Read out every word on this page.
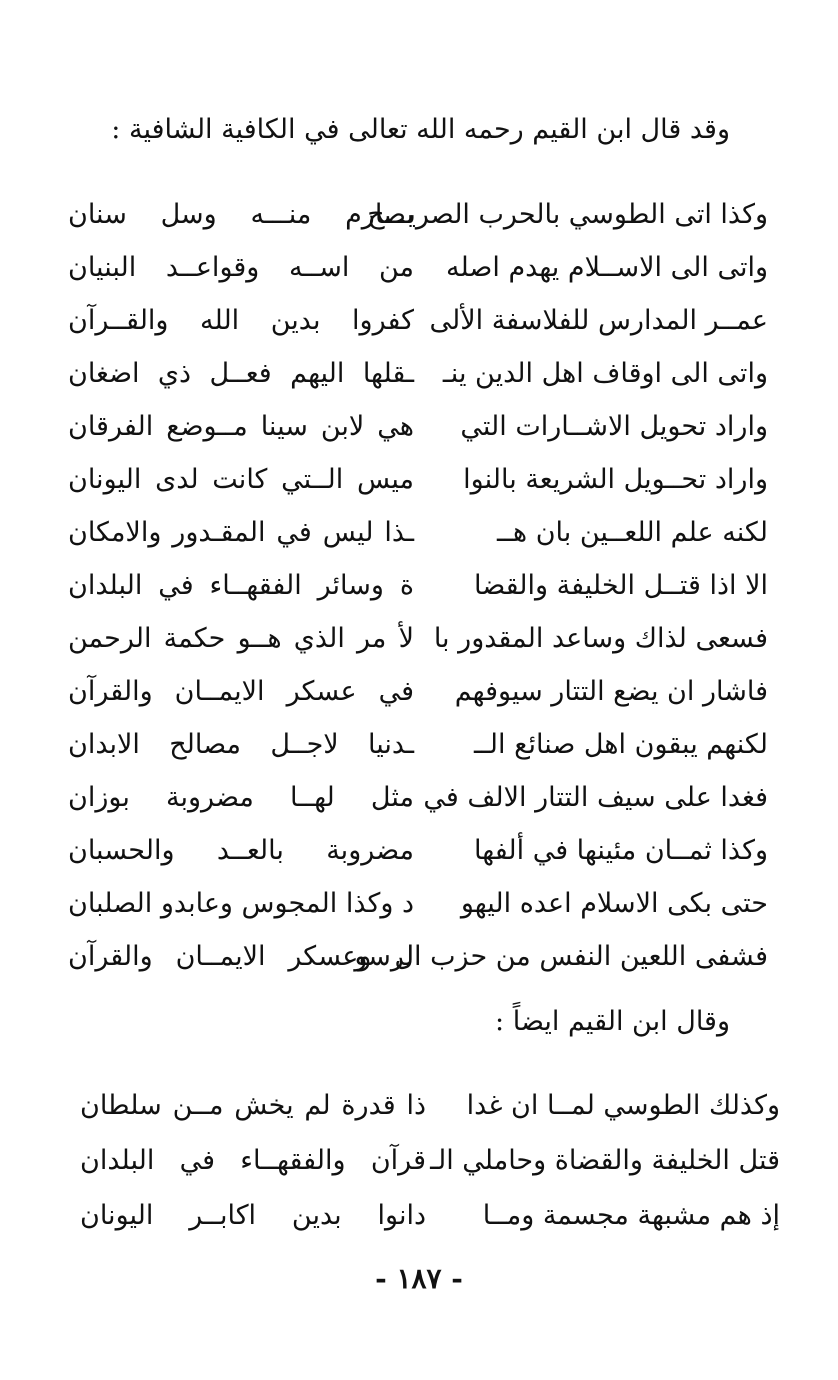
وقد قال ابن القيم رحمه الله تعالى في الكافية الشافية :
وكذا اتى الطوسي بالحرب الصريـــح
بصارم منـــه وسل سنان
واتى الى الاســلام يهدم اصله
من اســه وقواعــد البنيان
عمــر المدارس للفلاسفة الألى
كفروا بدين الله والقــرآن
واتى الى اوقاف اهل الدين ينـ
ـقلها اليهم فعــل ذي اضغان
واراد تحويل الاشــارات التي
هي لابن سينا مــوضع الفرقان
واراد تحــويل الشريعة بالنوا
ميس الــتي كانت لدى اليونان
لكنه علم اللعــين بان هــ
ـذا ليس في المقـدور والامكان
الا اذا قتــل الخليفة والقضا
ة وسائر الفقهــاء في البلدان
فسعى لذاك وساعد المقدور با
لأ مر الذي هــو حكمة الرحمن
فاشار ان يضع التتار سيوفهم
في عسكر الايمــان والقرآن
لكنهم يبقون اهل صنائع الــ
ـدنيا لاجــل مصالح الابدان
فغدا على سيف التتار الالف في
مثل لهــا مضروبة بوزان
وكذا ثمــان مئينها في ألفها
مضروبة بالعــد والحسبان
حتى بكى الاسلام اعده اليهو
د وكذا المجوس وعابدو الصلبان
فشفى اللعين النفس من حزب الرسو
ل وعسكر الايمــان والقرآن
وقال ابن القيم ايضاً :
وكذلك الطوسي لمــا ان غدا
ذا قدرة لم يخش مــن سلطان
قتل الخليفة والقضاة وحاملي الـ
قرآن والفقهــاء في البلدان
إذ هم مشبهة مجسمة ومــا
دانوا بدين اكابــر اليونان
- ١٨٧ -
